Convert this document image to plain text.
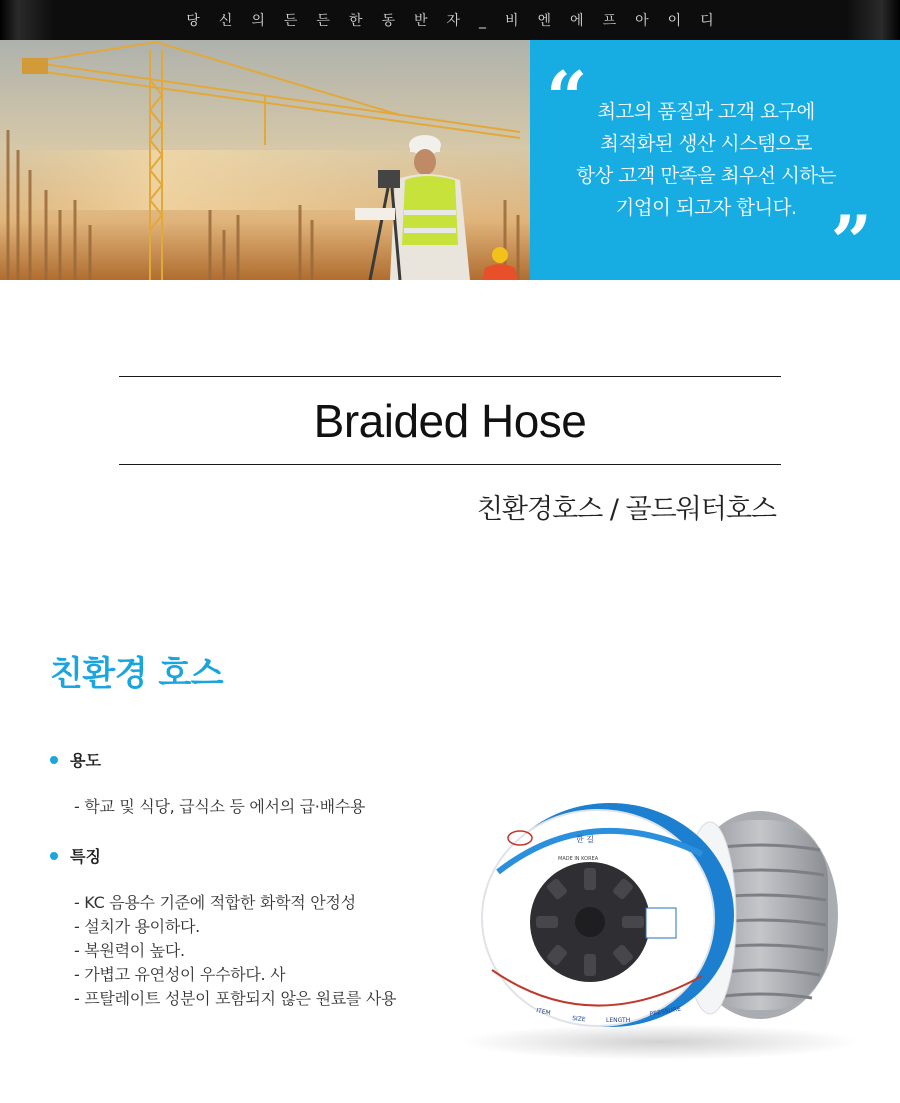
당신의든든한동반자_비엔에프아이디
“ 최고의 품질과 고객 요구에
최적화된 생산 시스템으로
항상 고객 만족을 최우선 시하는
기업이 되고자 합니다. ”
Braided Hose
친환경호스 / 골드워터호스
친환경 호스
용도
- 학교 및 식당, 급식소 등 에서의 급·배수용
특징
- KC 음용수 기준에 적합한 화학적 안정성
- 설치가 용이하다.
- 복원력이 높다.
- 가볍고 유연성이 우수하다. 사
- 프탈레이트 성분이 포함되지 않은 원료를 사용
한 길
MADE IN KOREA
ITEM
SIZE	LENGTH
PRESSURE
